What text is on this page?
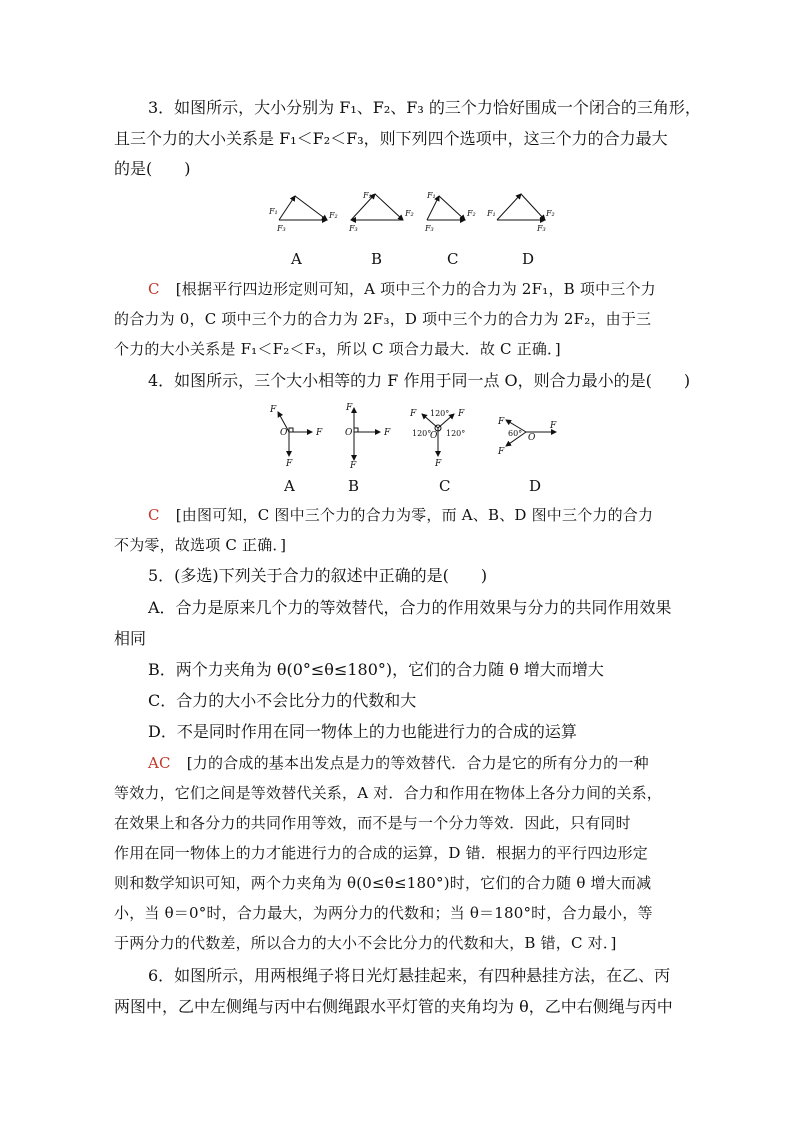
3．如图所示，大小分别为 F₁、F₂、F₃ 的三个力恰好围成一个闭合的三角形，
且三个力的大小关系是 F₁＜F₂＜F₃，则下列四个选项中，这三个力的合力最大
的是(　　)
F₁	F₂
F₃
F₁
F₂
F₃
F₁
F₂
F₃
F₁	F₂
F₃
A	B	C	D
C [根据平行四边形定则可知，A 项中三个力的合力为 2F₁，B 项中三个力
的合力为 0，C 项中三个力的合力为 2F₃，D 项中三个力的合力为 2F₂，由于三
个力的大小关系是 F₁＜F₂＜F₃，所以 C 项合力最大．故 C 正确．]
4．如图所示，三个大小相等的力 F 作用于同一点 O，则合力最小的是(　　)
F
F
F
O
F
F
F
O
F	F
F
O
F
F
F
O
120°
120° 120°	60°
A	B	C	D
C [由图可知，C 图中三个力的合力为零，而 A、B、D 图中三个力的合力
不为零，故选项 C 正确．]
5．(多选)下列关于合力的叙述中正确的是(　　)
A．合力是原来几个力的等效替代，合力的作用效果与分力的共同作用效果
相同
B．两个力夹角为 θ(0°≤θ≤180°)，它们的合力随 θ 增大而增大
C．合力的大小不会比分力的代数和大
D．不是同时作用在同一物体上的力也能进行力的合成的运算
AC [力的合成的基本出发点是力的等效替代．合力是它的所有分力的一种
等效力，它们之间是等效替代关系，A 对．合力和作用在物体上各分力间的关系，
在效果上和各分力的共同作用等效，而不是与一个分力等效．因此，只有同时
作用在同一物体上的力才能进行力的合成的运算，D 错．根据力的平行四边形定
则和数学知识可知，两个力夹角为 θ(0≤θ≤180°)时，它们的合力随 θ 增大而减
小，当 θ＝0°时，合力最大，为两分力的代数和；当 θ＝180°时，合力最小，等
于两分力的代数差，所以合力的大小不会比分力的代数和大，B 错，C 对．]
6．如图所示，用两根绳子将日光灯悬挂起来，有四种悬挂方法，在乙、丙
两图中，乙中左侧绳与丙中右侧绳跟水平灯管的夹角均为 θ，乙中右侧绳与丙中
